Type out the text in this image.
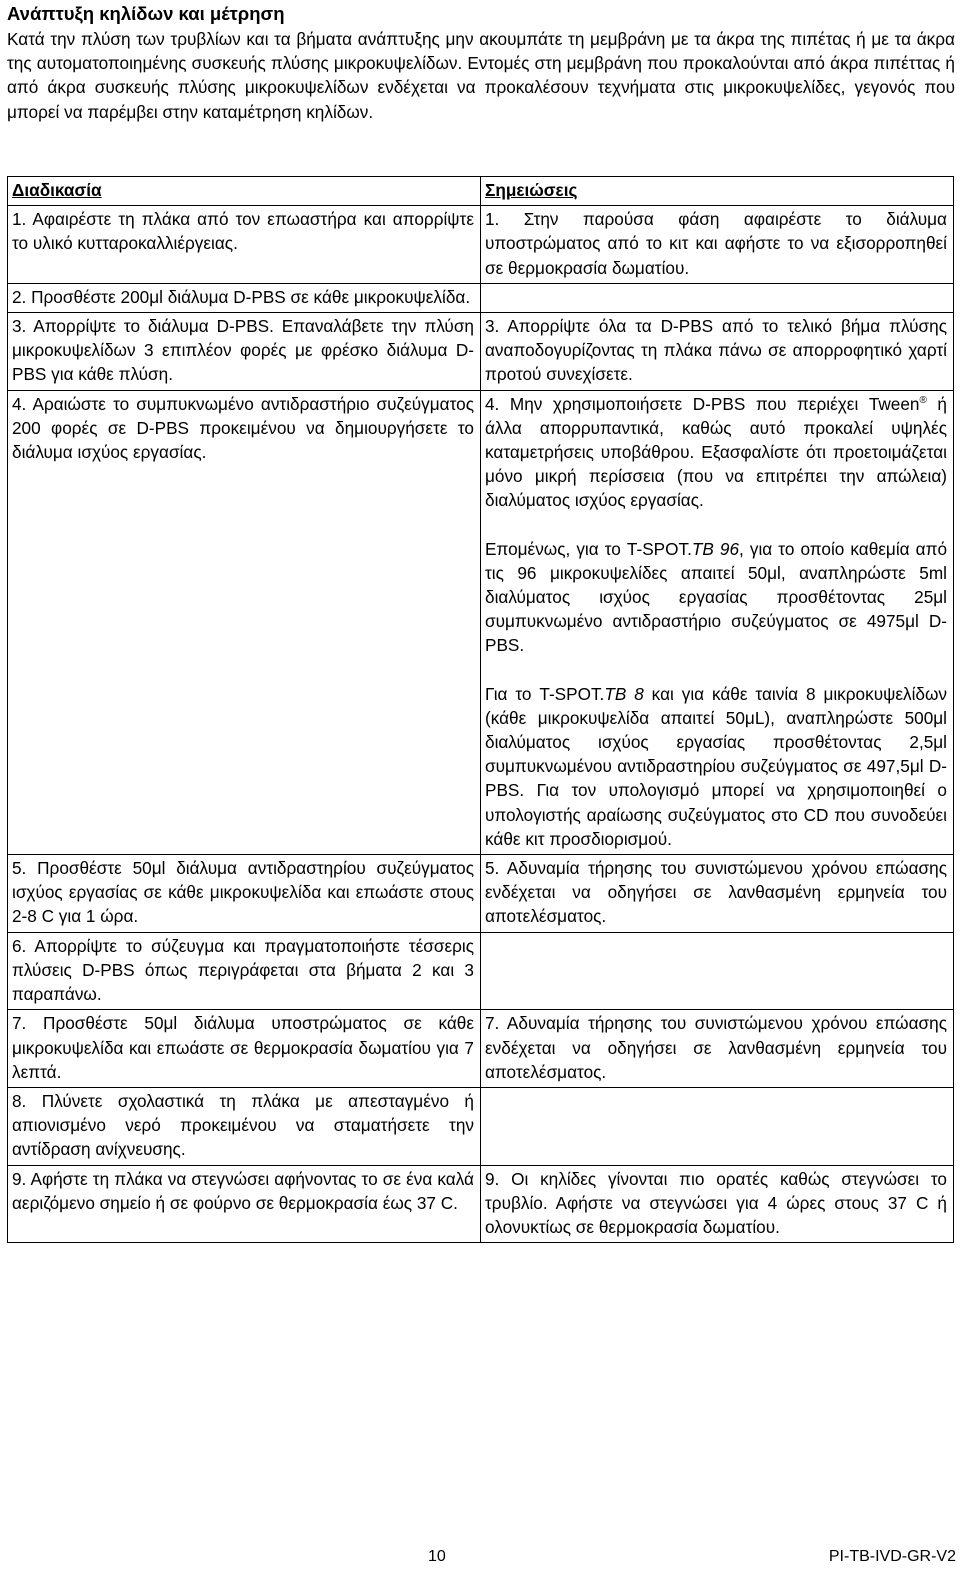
Ανάπτυξη κηλίδων και μέτρηση

Κατά την πλύση των τρυβλίων και τα βήματα ανάπτυξης μην ακουμπάτε τη μεμβράνη με τα άκρα της πιπέτας ή με τα άκρα της αυτοματοποιημένης συσκευής πλύσης μικροκυψελίδων. Εντομές στη μεμβράνη που προκαλούνται από άκρα πιπέττας ή από άκρα συσκευής πλύσης μικροκυψελίδων ενδέχεται να προκαλέσουν τεχνήματα στις μικροκυψελίδες, γεγονός που μπορεί να παρέμβει στην καταμέτρηση κηλίδων.

Διαδικασία	Σημειώσεις
1. Αφαιρέστε τη πλάκα από τον επωαστήρα και απορρίψτε το υλικό κυτταροκαλλιέργειας.	1. Στην παρούσα φάση αφαιρέστε το διάλυμα υποστρώματος από το κιτ και αφήστε το να εξισορροπηθεί σε θερμοκρασία δωματίου.
2. Προσθέστε 200μl διάλυμα D-PBS σε κάθε μικροκυψελίδα.	
3. Απορρίψτε το διάλυμα D-PBS. Επαναλάβετε την πλύση μικροκυψελίδων 3 επιπλέον φορές με φρέσκο διάλυμα D-PBS για κάθε πλύση.	3. Απορρίψτε όλα τα D-PBS από το τελικό βήμα πλύσης αναποδογυρίζοντας τη πλάκα πάνω σε απορροφητικό χαρτί προτού συνεχίσετε.
4. Αραιώστε το συμπυκνωμένο αντιδραστήριο συζεύγματος 200 φορές σε D-PBS προκειμένου να δημιουργήσετε το διάλυμα ισχύος εργασίας.	4. Μην χρησιμοποιήσετε D-PBS που περιέχει Tween® ή άλλα απορρυπαντικά, καθώς αυτό προκαλεί υψηλές καταμετρήσεις υποβάθρου. Εξασφαλίστε ότι προετοιμάζεται μόνο μικρή περίσσεια (που να επιτρέπει την απώλεια) διαλύματος ισχύος εργασίας.

Επομένως, για το T-SPOT.TB 96, για το οποίο καθεμία από τις 96 μικροκυψελίδες απαιτεί 50μl, αναπληρώστε 5ml διαλύματος ισχύος εργασίας προσθέτοντας 25μl συμπυκνωμένο αντιδραστήριο συζεύγματος σε 4975μl D-PBS.

Για το T-SPOT.TB 8 και για κάθε ταινία 8 μικροκυψελίδων (κάθε μικροκυψελίδα απαιτεί 50μL), αναπληρώστε 500μl διαλύματος ισχύος εργασίας προσθέτοντας 2,5μl συμπυκνωμένου αντιδραστηρίου συζεύγματος σε 497,5μl D-PBS. Για τον υπολογισμό μπορεί να χρησιμοποιηθεί ο υπολογιστής αραίωσης συζεύγματος στο CD που συνοδεύει κάθε κιτ προσδιορισμού.

5. Προσθέστε 50μl διάλυμα αντιδραστηρίου συζεύγματος ισχύος εργασίας σε κάθε μικροκυψελίδα και επωάστε στους 2-8 C για 1 ώρα.	5. Αδυναμία τήρησης του συνιστώμενου χρόνου επώασης ενδέχεται να οδηγήσει σε λανθασμένη ερμηνεία του αποτελέσματος.
6. Απορρίψτε το σύζευγμα και πραγματοποιήστε τέσσερις πλύσεις D-PBS όπως περιγράφεται στα βήματα 2 και 3 παραπάνω.	
7. Προσθέστε 50μl διάλυμα υποστρώματος σε κάθε μικροκυψελίδα και επωάστε σε θερμοκρασία δωματίου για 7 λεπτά.	7. Αδυναμία τήρησης του συνιστώμενου χρόνου επώασης ενδέχεται να οδηγήσει σε λανθασμένη ερμηνεία του αποτελέσματος.
8. Πλύνετε σχολαστικά τη πλάκα με απεσταγμένο ή απιονισμένο νερό προκειμένου να σταματήσετε την αντίδραση ανίχνευσης.	
9. Αφήστε τη πλάκα να στεγνώσει αφήνοντας το σε ένα καλά αεριζόμενο σημείο ή σε φούρνο σε θερμοκρασία έως 37 C.	9. Οι κηλίδες γίνονται πιο ορατές καθώς στεγνώσει το τρυβλίο. Αφήστε να στεγνώσει για 4 ώρες στους 37 C ή ολονυκτίως σε θερμοκρασία δωματίου.
10	PI-TB-IVD-GR-V2
